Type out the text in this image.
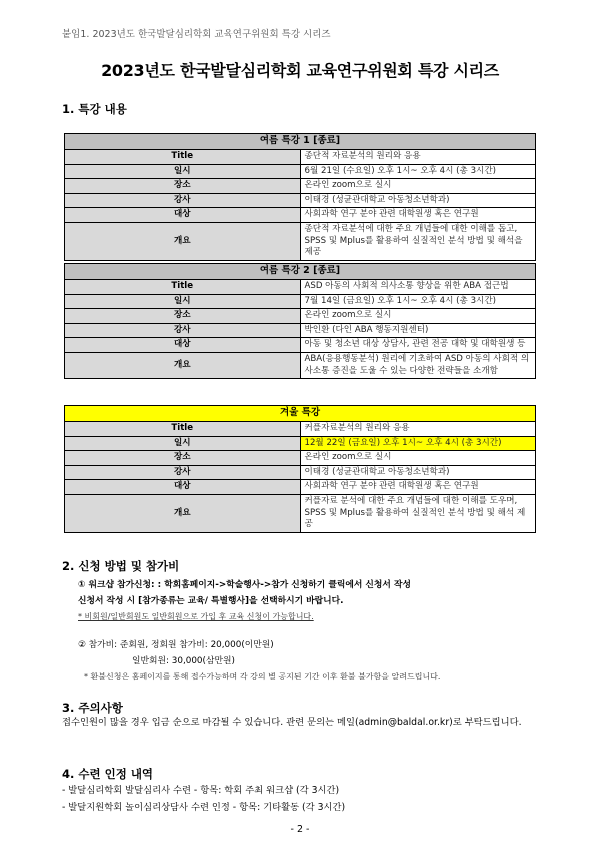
붙임1. 2023년도 한국발달심리학회 교육연구위원회 특강 시리즈
2023년도 한국발달심리학회 교육연구위원회 특강 시리즈
1. 특강 내용
여름 특강 1 [종료]	
Title	종단적 자료분석의 원리와 응용
일시	6월 21일 (수요일) 오후 1시~ 오후 4시 (총 3시간)
장소	온라인 zoom으로 실시
강사	이태경 (성균관대학교 아동청소년학과)
대상	사회과학 연구 분야 관련 대학원생 혹은 연구원
개요	종단적 자료분석에 대한 주요 개념들에 대한 이해를 돕고, SPSS 및 Mplus를 활용하여 실질적인 분석 방법 및 해석을 제공
여름 특강 2 [종료]	
Title	ASD 아동의 사회적 의사소통 향상을 위한 ABA 접근법
일시	7월 14일 (금요일) 오후 1시~ 오후 4시 (총 3시간)
장소	온라인 zoom으로 실시
강사	박인환 (다인 ABA 행동지원센터)
대상	아동 및 청소년 대상 상담사, 관련 전공 대학 및 대학원생 등
개요	ABA(응용행동분석) 원리에 기초하여 ASD 아동의 사회적 의사소통 증진을 도울 수 있는 다양한 전략들을 소개함
겨울 특강	
Title	커플자료분석의 원리와 응용
일시	12월 22일 (금요일) 오후 1시~ 오후 4시 (총 3시간)
장소	온라인 zoom으로 실시
강사	이태경 (성균관대학교 아동청소년학과)
대상	사회과학 연구 분야 관련 대학원생 혹은 연구원
개요	커플자료 분석에 대한 주요 개념들에 대한 이해를 도우며, SPSS 및 Mplus를 활용하여 실질적인 분석 방법 및 해석 제공
2. 신청 방법 및 참가비
① 워크샵 참가신청: : 학회홈페이지->학술행사->참가 신청하기 클릭에서 신청서 작성
신청서 작성 시 [참가종류는 교육/ 특별행사]을 선택하시기 바랍니다.
* 비회원/일반회원도 일반회원으로 가입 후 교육 신청이 가능합니다.
② 참가비: 준회원, 정회원 참가비: 20,000(이만원)
일반회원: 30,000(삼만원)
* 환불신청은 홈페이지를 통해 접수가능하며 각 강의 별 공지된 기간 이후 환불 불가함을 알려드립니다.
3. 주의사항
접수인원이 많을 경우 입금 순으로 마감될 수 있습니다. 관련 문의는 메일(admin@baldal.or.kr)로 부탁드립니다.
4. 수련 인정 내역
- 발달심리학회 발달심리사 수련 - 항목: 학회 주최 워크샵 (각 3시간)
- 발달지원학회 놀이심리상담사 수련 인정 - 항목: 기타활동 (각 3시간)
- 2 -
